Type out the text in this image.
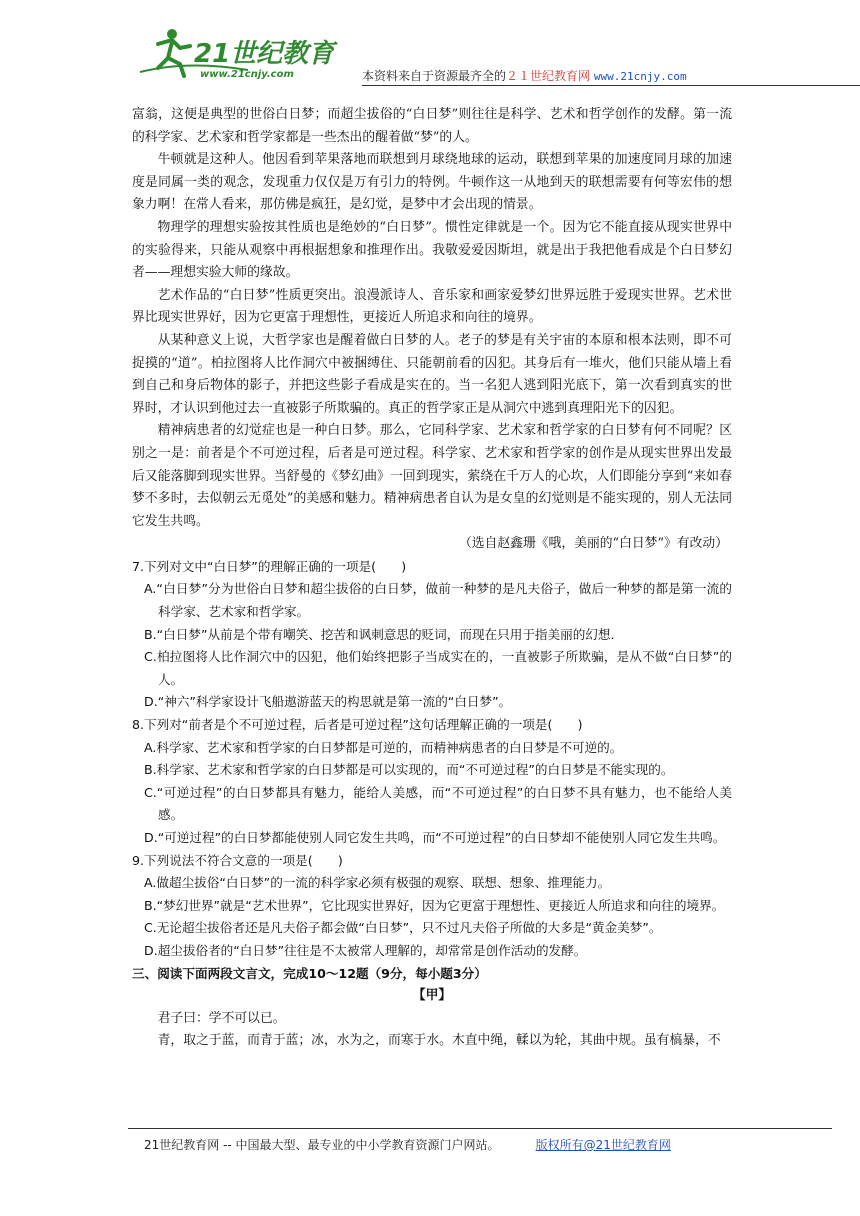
21世纪教育
www.21cnjy.com	本资料来自于资源最齐全的２１世纪教育网 www.21cnjy.com

富翁，这便是典型的世俗白日梦；而超尘拔俗的“白日梦”则往往是科学、艺术和哲学创作的发酵。第一流的科学家、艺术家和哲学家都是一些杰出的醒着做“梦”的人。

牛顿就是这种人。他因看到苹果落地而联想到月球绕地球的运动，联想到苹果的加速度同月球的加速度是同属一类的观念，发现重力仅仅是万有引力的特例。牛顿作这一从地到天的联想需要有何等宏伟的想象力啊！在常人看来，那仿佛是疯狂，是幻觉，是梦中才会出现的情景。

物理学的理想实验按其性质也是绝妙的“白日梦”。惯性定律就是一个。因为它不能直接从现实世界中的实验得来，只能从观察中再根据想象和推理作出。我敬爱爱因斯坦，就是出于我把他看成是个白日梦幻者——理想实验大师的缘故。

艺术作品的“白日梦”性质更突出。浪漫派诗人、音乐家和画家爱梦幻世界远胜于爱现实世界。艺术世界比现实世界好，因为它更富于理想性，更接近人所追求和向往的境界。

从某种意义上说，大哲学家也是醒着做白日梦的人。老子的梦是有关宇宙的本原和根本法则，即不可捉摸的“道”。柏拉图将人比作洞穴中被捆缚住、只能朝前看的囚犯。其身后有一堆火，他们只能从墙上看到自己和身后物体的影子，并把这些影子看成是实在的。当一名犯人逃到阳光底下，第一次看到真实的世界时，才认识到他过去一直被影子所欺骗的。真正的哲学家正是从洞穴中逃到真理阳光下的囚犯。

精神病患者的幻觉症也是一种白日梦。那么，它同科学家、艺术家和哲学家的白日梦有何不同呢？区别之一是：前者是个不可逆过程，后者是可逆过程。科学家、艺术家和哲学家的创作是从现实世界出发最后又能落脚到现实世界。当舒曼的《梦幻曲》一回到现实，萦绕在千万人的心坎，人们即能分享到“来如春梦不多时，去似朝云无觅处”的美感和魅力。精神病患者自认为是女皇的幻觉则是不能实现的，别人无法同它发生共鸣。

（选自赵鑫珊《哦，美丽的“白日梦”》有改动）

7.下列对文中“白日梦”的理解正确的一项是(　　)

A.“白日梦”分为世俗白日梦和超尘拔俗的白日梦，做前一种梦的是凡夫俗子，做后一种梦的都是第一流的科学家、艺术家和哲学家。

B.“白日梦”从前是个带有嘲笑、挖苦和讽刺意思的贬词，而现在只用于指美丽的幻想.

C.柏拉图将人比作洞穴中的囚犯，他们始终把影子当成实在的，一直被影子所欺骗，是从不做“白日梦”的人。

D.“神六”科学家设计飞船遨游蓝天的构思就是第一流的“白日梦”。

8.下列对“前者是个不可逆过程，后者是可逆过程”这句话理解正确的一项是(　　)

A.科学家、艺术家和哲学家的白日梦都是可逆的，而精神病患者的白日梦是不可逆的。

B.科学家、艺术家和哲学家的白日梦都是可以实现的，而“不可逆过程”的白日梦是不能实现的。

C.“可逆过程”的白日梦都具有魅力，能给人美感，而“不可逆过程”的白日梦不具有魅力，也不能给人美感。

D.“可逆过程”的白日梦都能使别人同它发生共鸣，而“不可逆过程”的白日梦却不能使别人同它发生共鸣。

9.下列说法不符合文意的一项是(　　)

A.做超尘拔俗“白日梦”的一流的科学家必须有极强的观察、联想、想象、推理能力。

B.“梦幻世界”就是“艺术世界”，它比现实世界好，因为它更富于理想性、更接近人所追求和向往的境界。

C.无论超尘拔俗者还是凡夫俗子都会做“白日梦”，只不过凡夫俗子所做的大多是“黄金美梦”。

D.超尘拔俗者的“白日梦”往往是不太被常人理解的，却常常是创作活动的发酵。

三、阅读下面两段文言文，完成10～12题（9分，每小题3分）

【甲】

君子曰：学不可以已。

青，取之于蓝，而青于蓝；冰，水为之，而寒于水。木直中绳，輮以为轮，其曲中规。虽有槁暴，不

21世纪教育网 -- 中国最大型、最专业的中小学教育资源门户网站。	版权所有@21世纪教育网
